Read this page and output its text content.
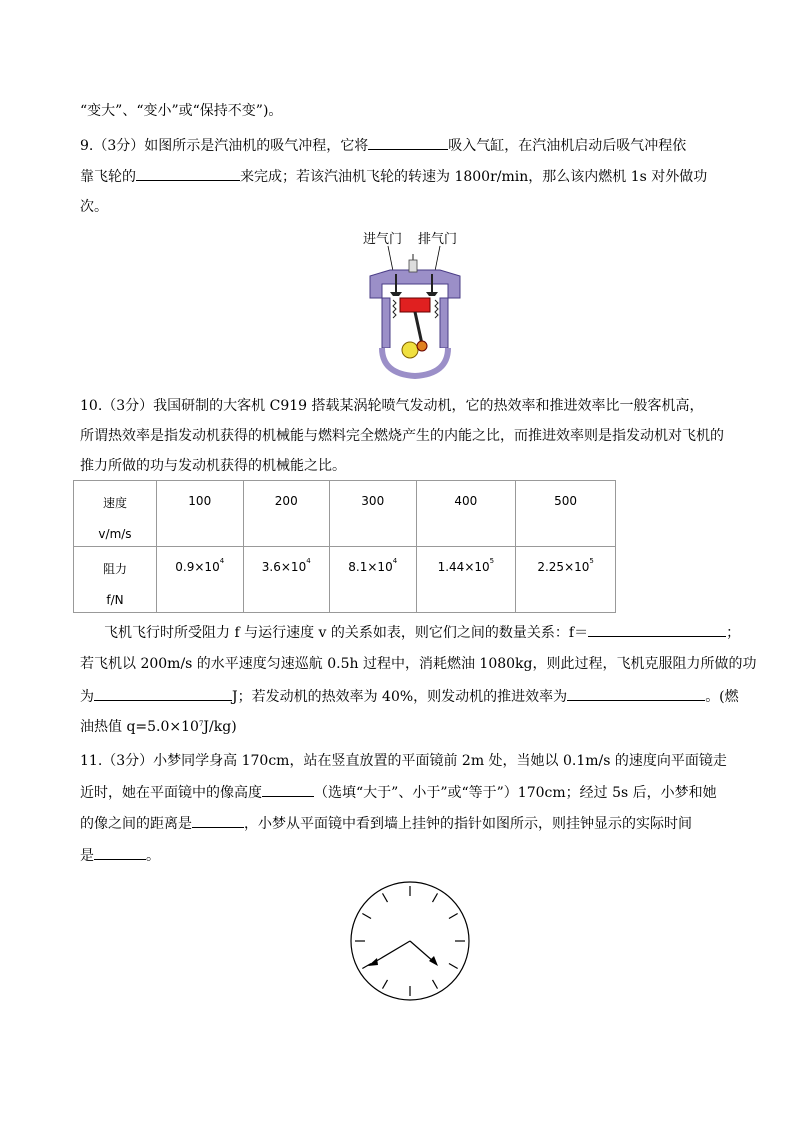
“变大”、“变小”或“保持不变”)。
9.（3分）如图所示是汽油机的吸气冲程，它将	吸入气缸，在汽油机启动后吸气冲程依
靠飞轮的	来完成；若该汽油机飞轮的转速为 1800r/min，那么该内燃机 1s 对外做功
次。
进气门 排气门
10.（3分）我国研制的大客机 C919 搭载某涡轮喷气发动机，它的热效率和推进效率比一般客机高，
所谓热效率是指发动机获得的机械能与燃料完全燃烧产生的内能之比，而推进效率则是指发动机对飞机的
推力所做的功与发动机获得的机械能之比。
速度
v/m/s	100	200	300	400	500

阻力
f/N	$0.9\times 10^4$	$3.6\times 10^4$	$8.1\times 10^4$	$1.44\times 10^5$	$2.25\times 10^5$
飞机飞行时所受阻力 f 与运行速度 v 的关系如表，则它们之间的数量关系：f＝	；
若飞机以 200m/s 的水平速度匀速巡航 0.5h 过程中，消耗燃油 1080kg，则此过程，飞机克服阻力所做的功
为	J；若发动机的热效率为 40%，则发动机的推进效率为	。(燃
油热值 $q=5.0\times 10^7J/kg$)
11.（3分）小梦同学身高 170cm，站在竖直放置的平面镜前 2m 处，当她以 0.1m/s 的速度向平面镜走
近时，她在平面镜中的像高度	（选填“大于”、小于”或“等于”）170cm；经过 5s 后，小梦和她
的像之间的距离是	，小梦从平面镜中看到墙上挂钟的指针如图所示，则挂钟显示的实际时间
是	。
